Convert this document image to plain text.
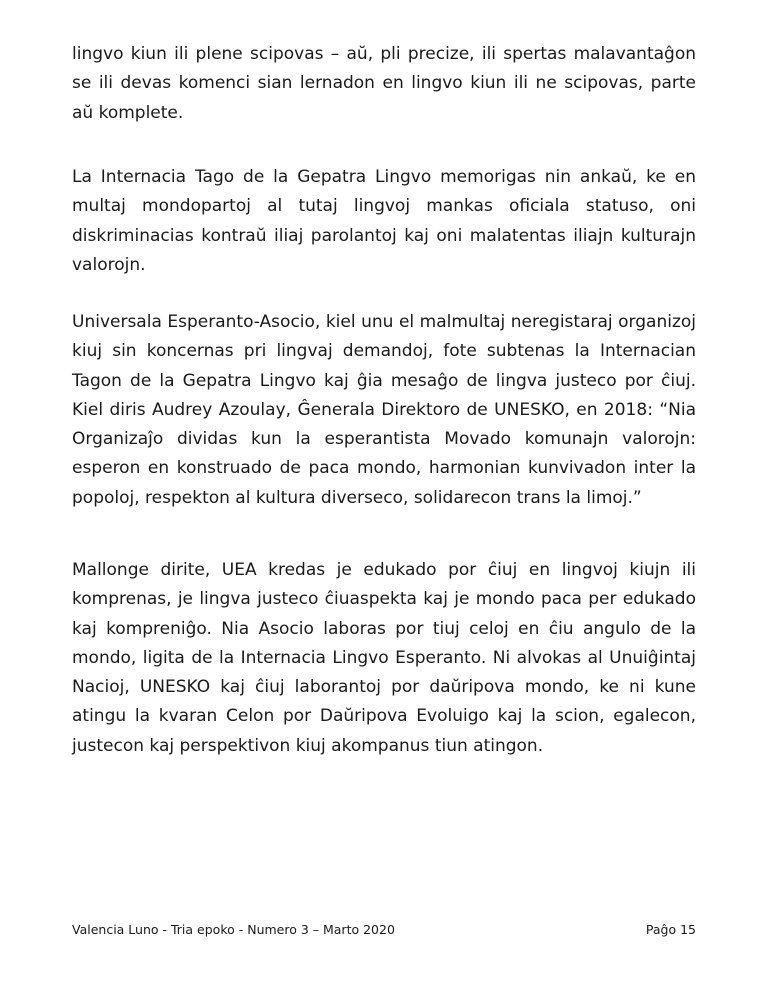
lingvo kiun ili plene scipovas – aŭ, pli precize, ili spertas malavantaĝon se ili devas komenci sian lernadon en lingvo kiun ili ne scipovas, parte aŭ komplete.

La Internacia Tago de la Gepatra Lingvo memorigas nin ankaŭ, ke en multaj mondopartoj al tutaj lingvoj mankas oficiala statuso, oni diskriminacias kontraŭ iliaj parolantoj kaj oni malatentas iliajn kulturajn valorojn.

Universala Esperanto-Asocio, kiel unu el malmultaj neregistaraj organizoj kiuj sin koncernas pri lingvaj demandoj, fote subtenas la Internacian Tagon de la Gepatra Lingvo kaj ĝia mesaĝo de lingva justeco por ĉiuj. Kiel diris Audrey Azoulay, Ĝenerala Direktoro de UNESKO, en 2018: “Nia Organizaĵo dividas kun la esperantista Movado komunajn valorojn: esperon en konstruado de paca mondo, harmonian kunvivadon inter la popoloj, respekton al kultura diverseco, solidarecon trans la limoj.”

Mallonge dirite, UEA kredas je edukado por ĉiuj en lingvoj kiujn ili komprenas, je lingva justeco ĉiuaspekta kaj je mondo paca per edukado kaj kompreniĝo. Nia Asocio laboras por tiuj celoj en ĉiu angulo de la mondo, ligita de la Internacia Lingvo Esperanto. Ni alvokas al Unuiĝintaj Nacioj, UNESKO kaj ĉiuj laborantoj por daŭripova mondo, ke ni kune atingu la kvaran Celon por Daŭripova Evoluigo kaj la scion, egalecon, justecon kaj perspektivon kiuj akompanus tiun atingon.

Valencia Luno - Tria epoko - Numero 3 – Marto 2020	Paĝo 15
